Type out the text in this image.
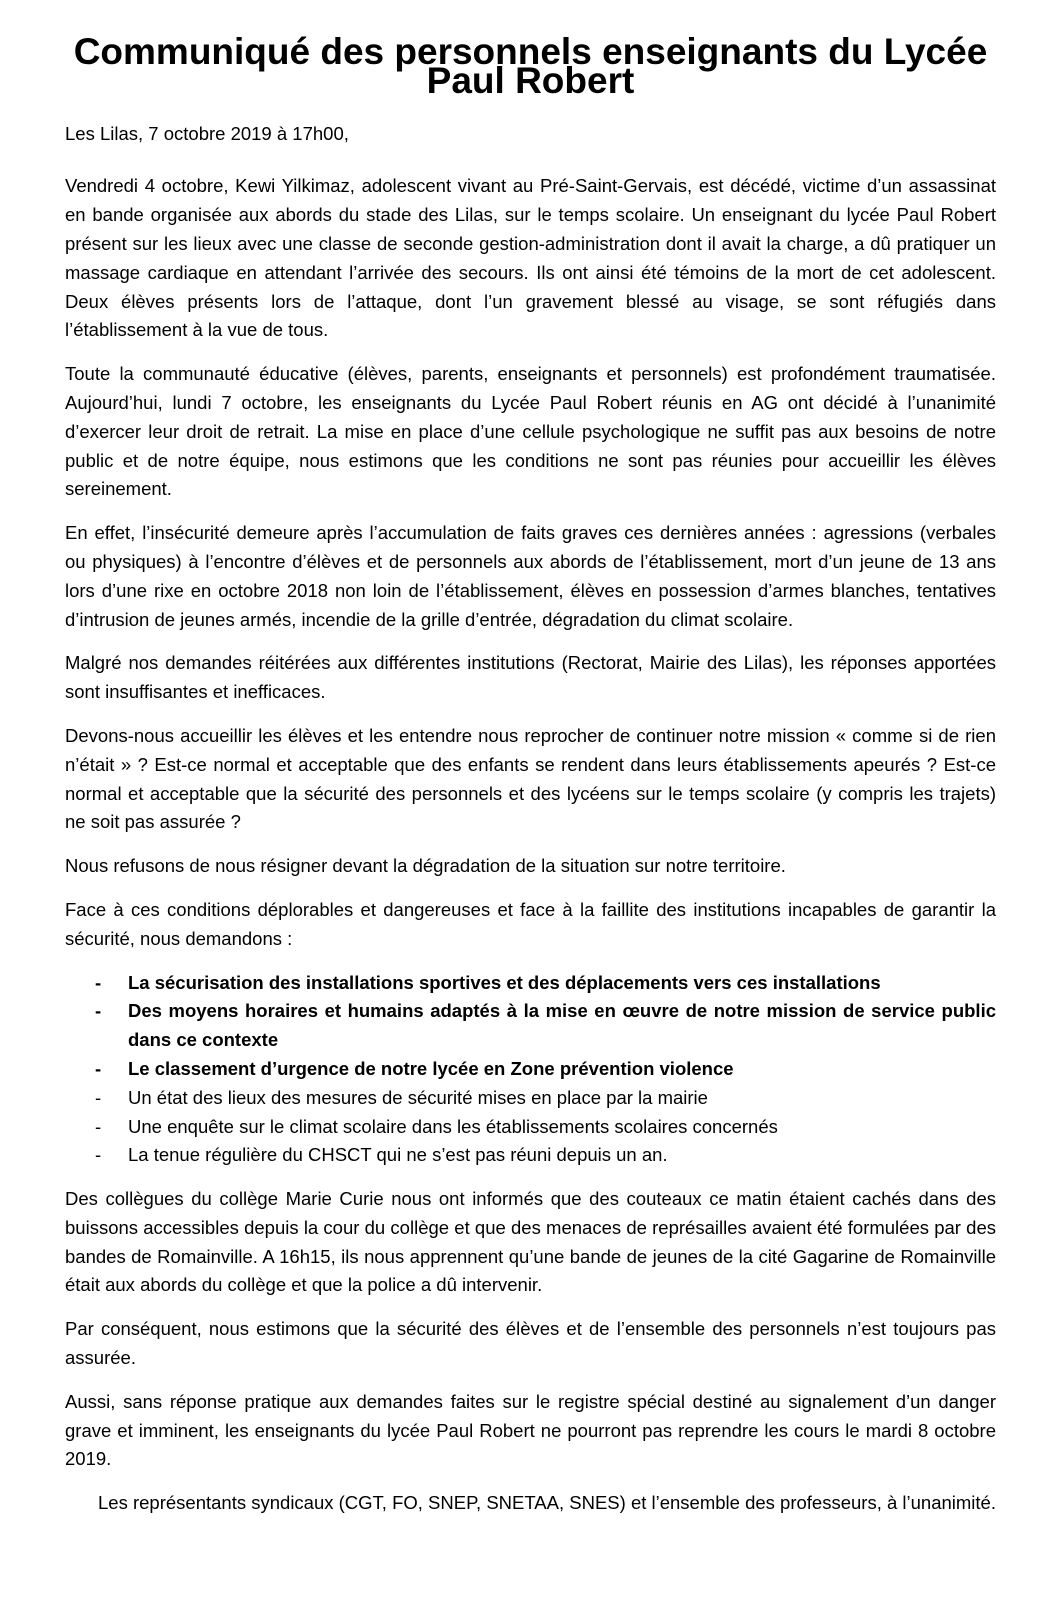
Communiqué des personnels enseignants du Lycée Paul Robert

Les Lilas, 7 octobre 2019 à 17h00,

Vendredi 4 octobre, Kewi Yilkimaz, adolescent vivant au Pré-Saint-Gervais, est décédé, victime d’un assassinat en bande organisée aux abords du stade des Lilas, sur le temps scolaire. Un enseignant du lycée Paul Robert présent sur les lieux avec une classe de seconde gestion-administration dont il avait la charge, a dû pratiquer un massage cardiaque en attendant l’arrivée des secours. Ils ont ainsi été témoins de la mort de cet adolescent. Deux élèves présents lors de l’attaque, dont l’un gravement blessé au visage, se sont réfugiés dans l’établissement à la vue de tous.

Toute la communauté éducative (élèves, parents, enseignants et personnels) est profondément traumatisée. Aujourd’hui, lundi 7 octobre, les enseignants du Lycée Paul Robert réunis en AG ont décidé à l’unanimité d’exercer leur droit de retrait. La mise en place d’une cellule psychologique ne suffit pas aux besoins de notre public et de notre équipe, nous estimons que les conditions ne sont pas réunies pour accueillir les élèves sereinement.

En effet, l’insécurité demeure après l’accumulation de faits graves ces dernières années : agressions (verbales ou physiques) à l’encontre d’élèves et de personnels aux abords de l’établissement, mort d’un jeune de 13 ans lors d’une rixe en octobre 2018 non loin de l’établissement, élèves en possession d’armes blanches, tentatives d’intrusion de jeunes armés, incendie de la grille d’entrée, dégradation du climat scolaire.

Malgré nos demandes réitérées aux différentes institutions (Rectorat, Mairie des Lilas), les réponses apportées sont insuffisantes et inefficaces.

Devons-nous accueillir les élèves et les entendre nous reprocher de continuer notre mission « comme si de rien n’était » ? Est-ce normal et acceptable que des enfants se rendent dans leurs établissements apeurés ? Est-ce normal et acceptable que la sécurité des personnels et des lycéens sur le temps scolaire (y compris les trajets) ne soit pas assurée ?

Nous refusons de nous résigner devant la dégradation de la situation sur notre territoire.

Face à ces conditions déplorables et dangereuses et face à la faillite des institutions incapables de garantir la sécurité, nous demandons :

-	La sécurisation des installations sportives et des déplacements vers ces installations
-	Des moyens horaires et humains adaptés à la mise en œuvre de notre mission de service public dans ce contexte
-	Le classement d’urgence de notre lycée en Zone prévention violence
-	Un état des lieux des mesures de sécurité mises en place par la mairie
-	Une enquête sur le climat scolaire dans les établissements scolaires concernés
-	La tenue régulière du CHSCT qui ne s’est pas réuni depuis un an.

Des collègues du collège Marie Curie nous ont informés que des couteaux ce matin étaient cachés dans des buissons accessibles depuis la cour du collège et que des menaces de représailles avaient été formulées par des bandes de Romainville. A 16h15, ils nous apprennent qu’une bande de jeunes de la cité Gagarine de Romainville était aux abords du collège et que la police a dû intervenir.

Par conséquent, nous estimons que la sécurité des élèves et de l’ensemble des personnels n’est toujours pas assurée.

Aussi, sans réponse pratique aux demandes faites sur le registre spécial destiné au signalement d’un danger grave et imminent, les enseignants du lycée Paul Robert ne pourront pas reprendre les cours le mardi 8 octobre 2019.

Les représentants syndicaux (CGT, FO, SNEP, SNETAA, SNES) et l’ensemble des professeurs, à l’unanimité.
